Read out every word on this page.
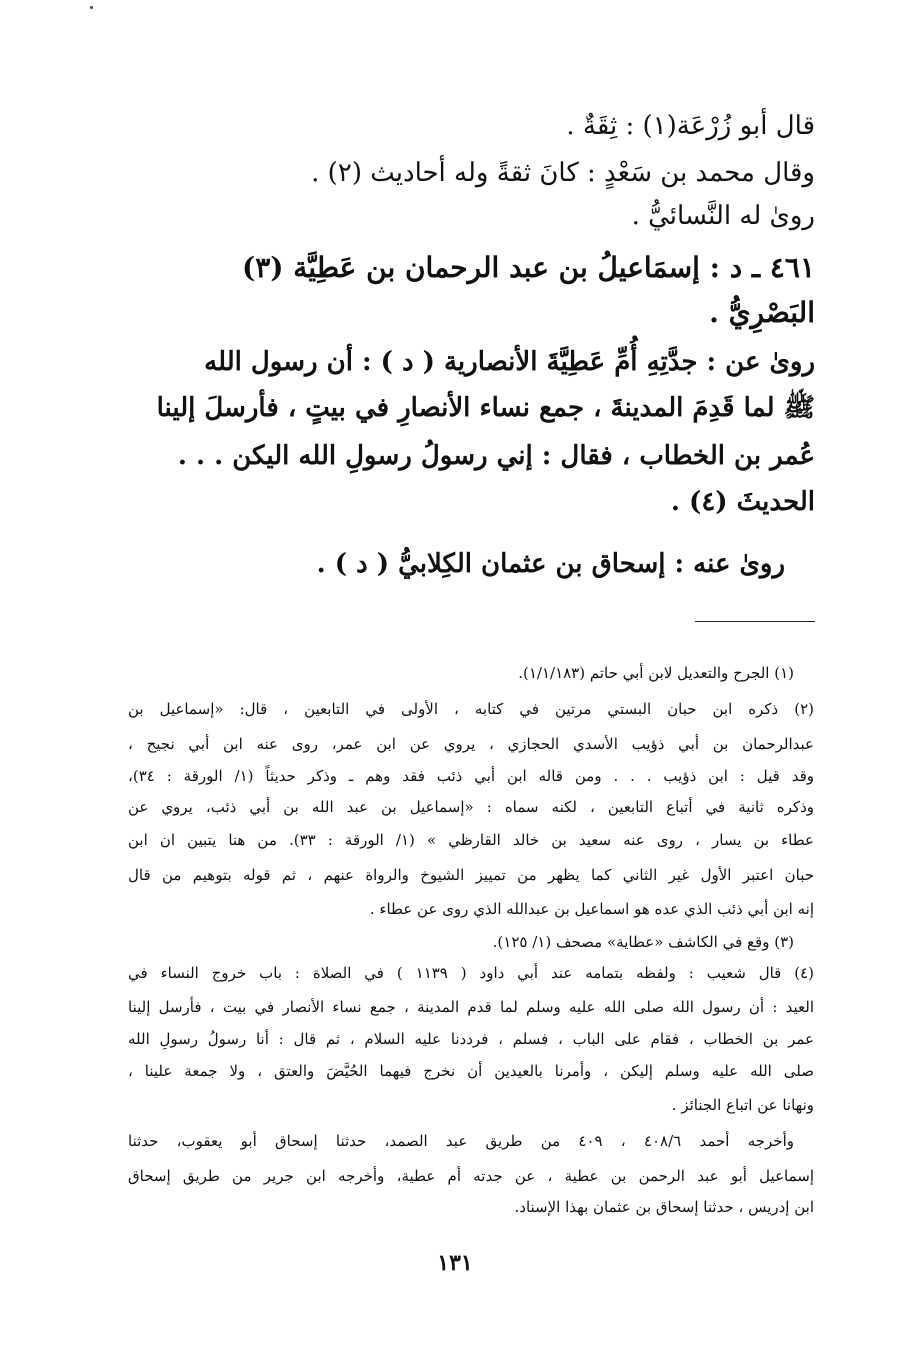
قال أبو زُرْعَة(١) : ثِقَةٌ .
وقال محمد بن سَعْدٍ : كانَ ثقةً وله أحاديث (٢) .
روىٰ له النَّسائيُّ .
٤٦١ ـ د : إسمَاعيلُ بن عبد الرحمان بن عَطِيَّة (٣)
البَصْرِيُّ .
روىٰ عن : جدَّتِهِ أُمِّ عَطِيَّةَ الأنصارية ( د ) : أن رسول الله
ﷺ لما قَدِمَ المدينةَ ، جمع نساء الأنصارِ في بيتٍ ، فأرسلَ إلينا
عُمر بن الخطاب ، فقال : إني رسولُ رسولِ الله اليكن . . .
الحديثَ (٤) .
روىٰ عنه : إسحاق بن عثمان الكِلابيُّ ( د ) .
(١) الجرح والتعديل لابن أبي حاتم (١/١/١٨٣).
(٢) ذكره ابن حبان البستي مرتين في كتابه ، الأولى في التابعين ، قال: «إسماعيل بن
عبدالرحمان بن أبي ذؤيب الأسدي الحجازي ، يروي عن ابن عمر، روى عنه ابن أبي نجيح ،
وقد قيل : ابن ذؤيب . . . ومن قاله ابن أبي ذئب فقد وهم ـ وذكر حديثاً (١/ الورقة : ٣٤)،
وذكره ثانية في أتباع التابعين ، لكنه سماه : «إسماعيل بن عبد الله بن أبي ذئب، يروي عن
عطاء بن يسار ، روى عنه سعيد بن خالد القارظي » (١/ الورقة : ٣٣). من هنا يتبين ان ابن
حبان اعتبر الأول غير الثاني كما يظهر من تمييز الشيوخ والرواة عنهم ، ثم قوله بتوهيم من قال
إنه ابن أبي ذئب الذي عده هو اسماعيل بن عبدالله الذي روى عن عطاء .
(٣) وقع في الكاشف «عطاية» مصحف (١/ ١٢٥).
(٤) قال شعيب : ولفظه بتمامه عند أبي داود ( ١١٣٩ ) في الصلاة : باب خروج النساء في
العيد : أن رسول الله صلى الله عليه وسلم لما قدم المدينة ، جمع نساء الأنصار في بيت ، فأرسل إلينا
عمر بن الخطاب ، فقام على الباب ، فسلم ، فرددنا عليه السلام ، ثم قال : أنا رسولُ رسولِ الله
صلى الله عليه وسلم إليكن ، وأمرنا بالعيدين أن نخرج فيهما الحُيَّضَ والعتق ، ولا جمعة علينا ،
ونهانا عن اتباع الجنائز .
وأخرجه أحمد ٤٠٨/٦ ، ٤٠٩ من طريق عبد الصمد، حدثنا إسحاق أبو يعقوب، حدثنا
إسماعيل أبو عبد الرحمن بن عطية ، عن جدته أم عطية، وأخرجه ابن جرير من طريق إسحاق
ابن إدريس ، حدثنا إسحاق بن عثمان بهذا الإسناد.
١٣١
